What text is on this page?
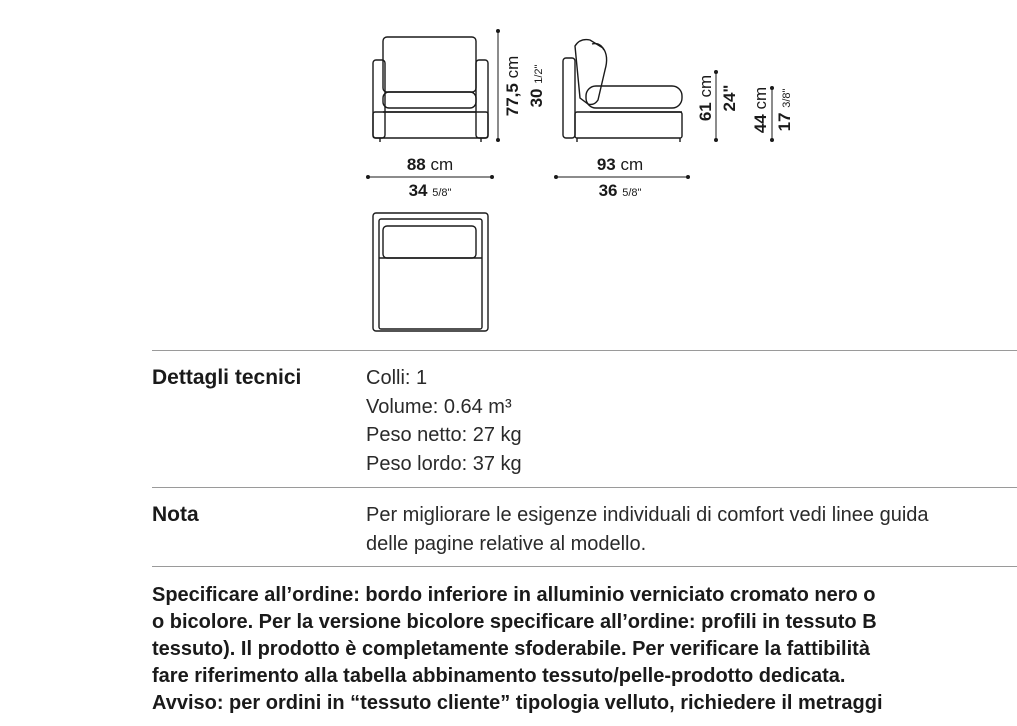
88 cm
34 5/8"
93 cm
36 5/8"
77,5 cm
30 1/2"
61 cm 24"
44 cm
17 3/8"
Dettagli tecnici	Colli: 1
Volume: 0.64 m³
Peso netto: 27 kg
Peso lordo: 37 kg
Nota	Per migliorare le esigenze individuali di comfort vedi linee guida
delle pagine relative al modello.
Specificare all’ordine: bordo inferiore in alluminio verniciato cromato nero o
o bicolore. Per la versione bicolore specificare all’ordine: profili in tessuto B
tessuto). Il prodotto è completamente sfoderabile. Per verificare la fattibilità
fare riferimento alla tabella abbinamento tessuto/pelle-prodotto dedicata.
Avviso: per ordini in “tessuto cliente” tipologia velluto, richiedere il metraggi
